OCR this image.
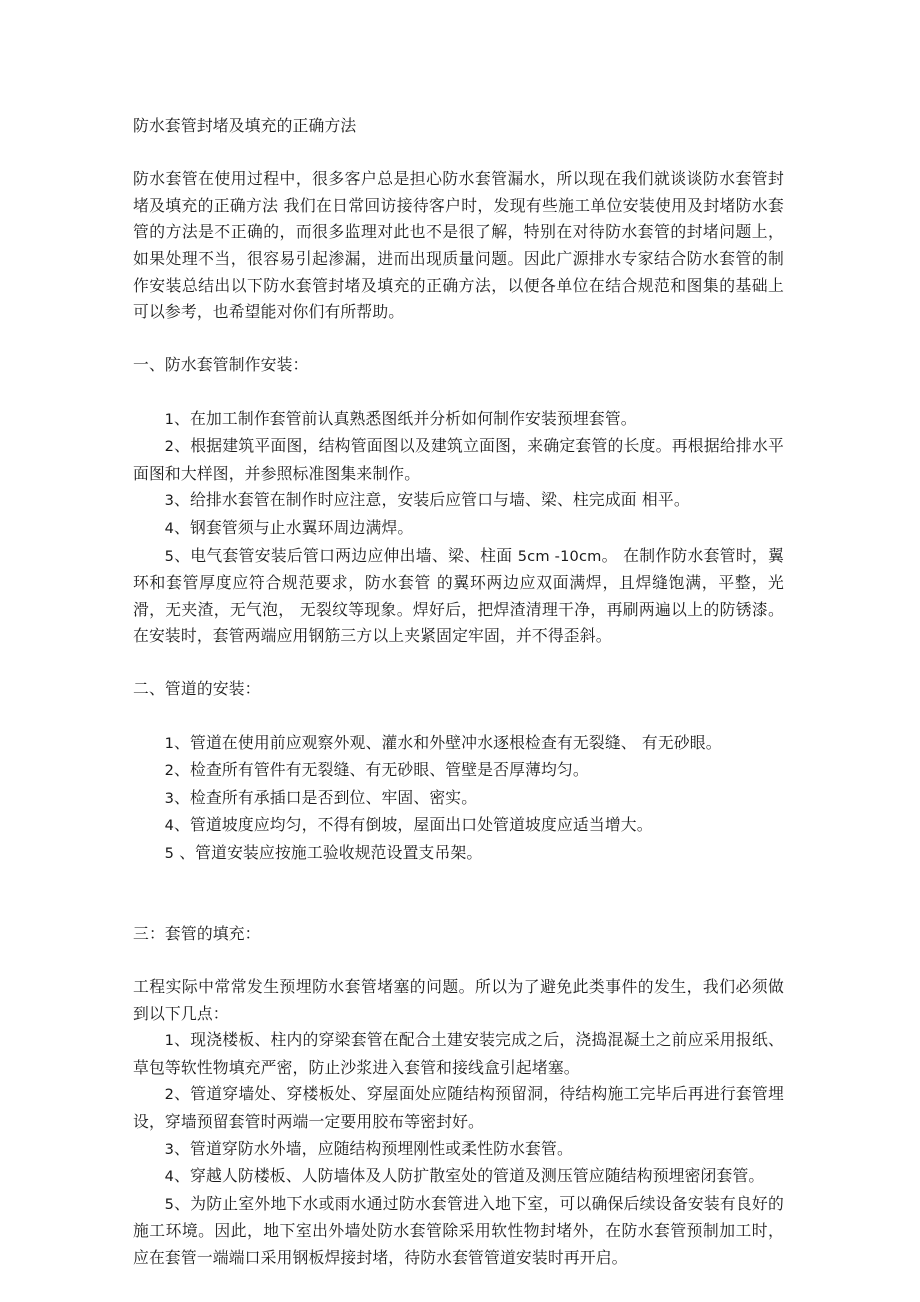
防水套管封堵及填充的正确方法

防水套管在使用过程中，很多客户总是担心防水套管漏水，所以现在我们就谈谈防水套管封堵及填充的正确方法 我们在日常回访接待客户时，发现有些施工单位安装使用及封堵防水套管的方法是不正确的，而很多监理对此也不是很了解，特别在对待防水套管的封堵问题上，如果处理不当，很容易引起渗漏，进而出现质量问题。因此广源排水专家结合防水套管的制作安装总结出以下防水套管封堵及填充的正确方法，以便各单位在结合规范和图集的基础上可以参考，也希望能对你们有所帮助。

一、防水套管制作安装：

1、在加工制作套管前认真熟悉图纸并分析如何制作安装预埋套管。

2、根据建筑平面图，结构管面图以及建筑立面图，来确定套管的长度。再根据给排水平面图和大样图，并参照标准图集来制作。

3、给排水套管在制作时应注意，安装后应管口与墙、梁、柱完成面 相平。

4、钢套管须与止水翼环周边满焊。

5、电气套管安装后管口两边应伸出墙、梁、柱面 5cm -10cm。 在制作防水套管时，翼环和套管厚度应符合规范要求，防水套管 的翼环两边应双面满焊，且焊缝饱满，平整，光滑，无夹渣，无气泡， 无裂纹等现象。焊好后，把焊渣清理干净，再刷两遍以上的防锈漆。在安装时，套管两端应用钢筋三方以上夹紧固定牢固，并不得歪斜。

二、管道的安装：

1、管道在使用前应观察外观、灌水和外壁冲水逐根检查有无裂缝、 有无砂眼。

2、检查所有管件有无裂缝、有无砂眼、管壁是否厚薄均匀。

3、检查所有承插口是否到位、牢固、密实。

4、管道坡度应均匀，不得有倒坡，屋面出口处管道坡度应适当增大。

5 、管道安装应按施工验收规范设置支吊架。

三：套管的填充：

工程实际中常常发生预埋防水套管堵塞的问题。所以为了避免此类事件的发生，我们必须做到以下几点：

1、现浇楼板、柱内的穿梁套管在配合土建安装完成之后，浇捣混凝土之前应采用报纸、草包等软性物填充严密，防止沙浆进入套管和接线盒引起堵塞。

2、管道穿墙处、穿楼板处、穿屋面处应随结构预留洞，待结构施工完毕后再进行套管埋设，穿墙预留套管时两端一定要用胶布等密封好。

3、管道穿防水外墙，应随结构预埋刚性或柔性防水套管。

4、穿越人防楼板、人防墙体及人防扩散室处的管道及测压管应随结构预埋密闭套管。

5、为防止室外地下水或雨水通过防水套管进入地下室，可以确保后续设备安装有良好的施工环境。因此，地下室出外墙处防水套管除采用软性物封堵外，在防水套管预制加工时，应在套管一端端口采用钢板焊接封堵，待防水套管管道安装时再开启。
